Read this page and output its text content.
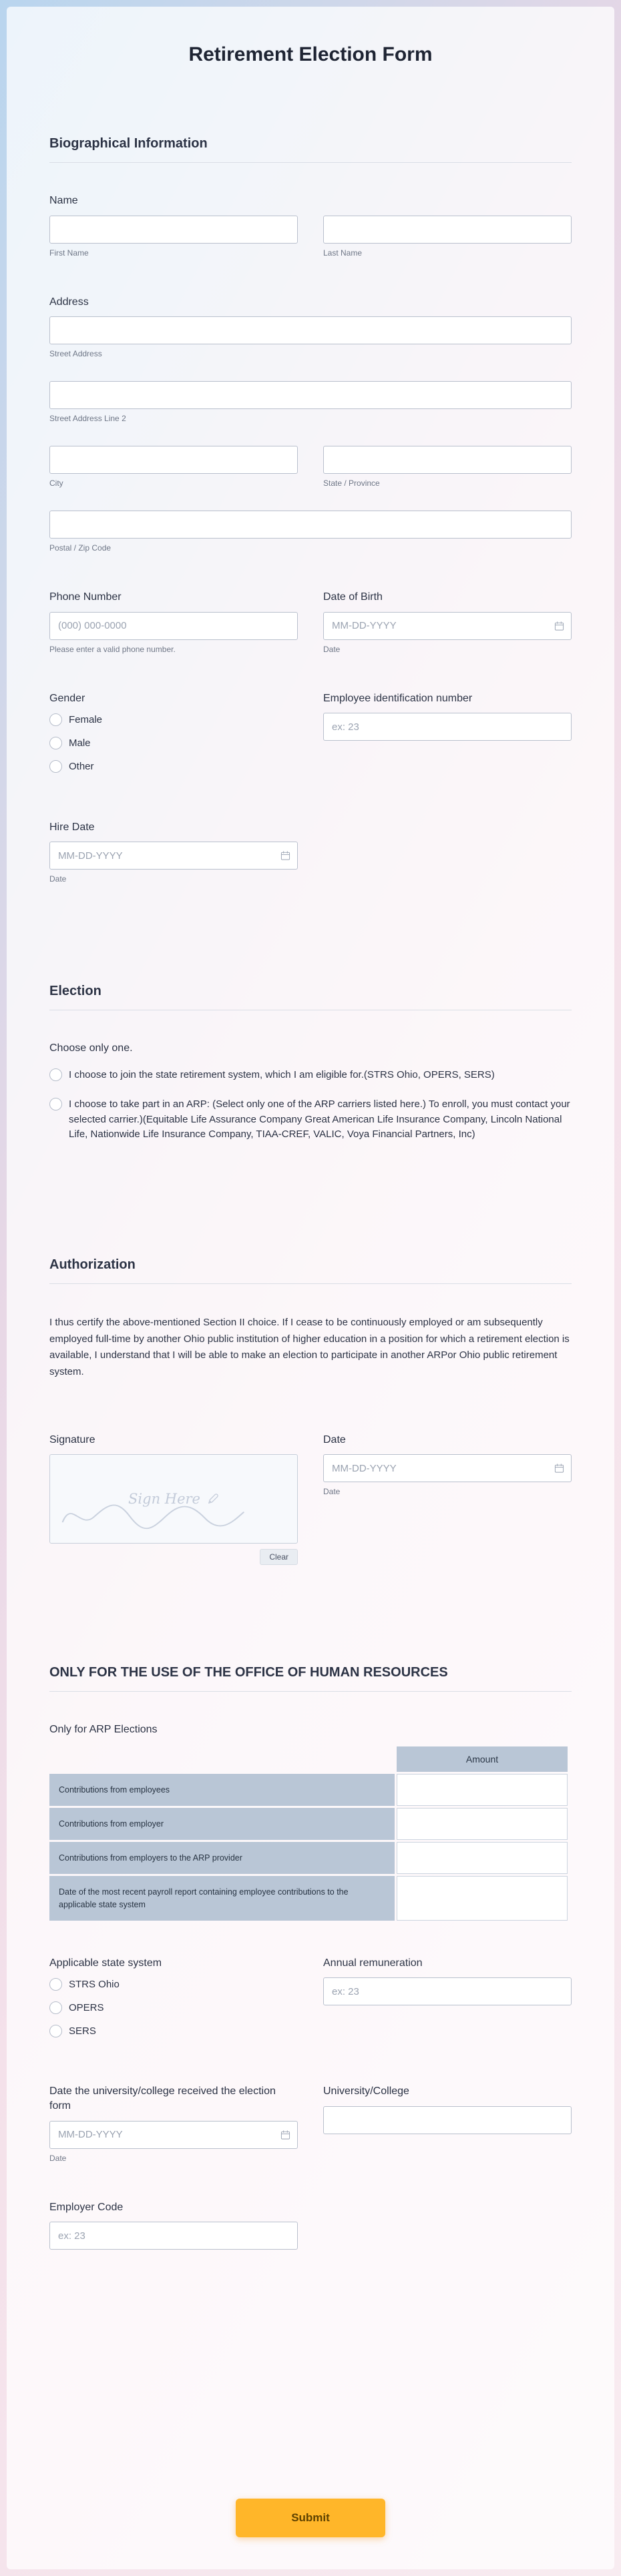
Retirement Election Form
Biographical Information
Name
First Name	Last Name
Address
Street Address
Street Address Line 2
City	State / Province
Postal / Zip Code
Phone Number
(000) 000-0000
Please enter a valid phone number.
Date of Birth
MM-DD-YYYY
Date
Gender
Female
Male
Other
Employee identification number
ex: 23
Hire Date
MM-DD-YYYY
Date
Election
Choose only one.
I choose to join the state retirement system, which I am eligible for.(STRS Ohio, OPERS, SERS)
I choose to take part in an ARP: (Select only one of the ARP carriers listed here.) To enroll, you must contact your selected carrier.)(Equitable Life Assurance Company Great American Life Insurance Company, Lincoln National Life, Nationwide Life Insurance Company, TIAA-CREF, VALIC, Voya Financial Partners, Inc)
Authorization

I thus certify the above-mentioned Section II choice. If I cease to be continuously employed or am subsequently employed full-time by another Ohio public institution of higher education in a position for which a retirement election is available, I understand that I will be able to make an election to participate in another ARPor Ohio public retirement system.

Signature
Sign Here
Clear
Date
MM-DD-YYYY
Date
ONLY FOR THE USE OF THE OFFICE OF HUMAN RESOURCES
Only for ARP Elections
	Amount
Contributions from employees	
Contributions from employer	
Contributions from employers to the ARP provider	
Date of the most recent payroll report containing employee contributions to the applicable state system	
Applicable state system
STRS Ohio
OPERS
SERS
Annual remuneration
ex: 23
Date the university/college received the election form
MM-DD-YYYY
Date
University/College
Employer Code
ex: 23
Submit
